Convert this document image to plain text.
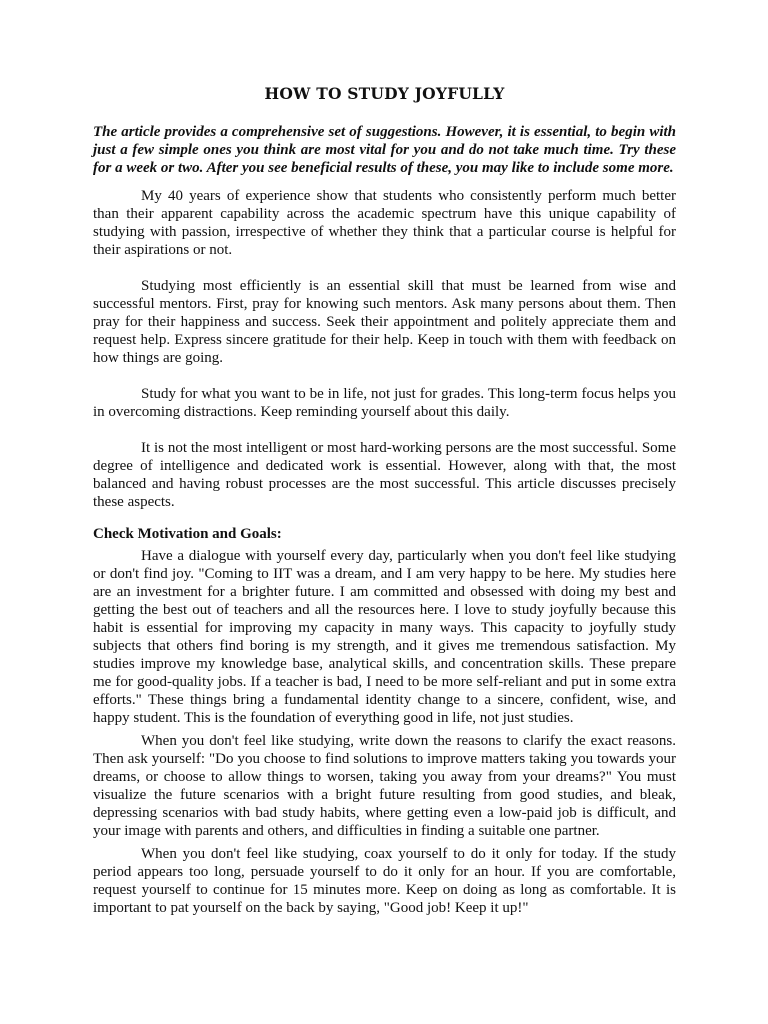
HOW TO STUDY JOYFULLY

The article provides a comprehensive set of suggestions. However, it is essential, to begin with just a few simple ones you think are most vital for you and do not take much time. Try these for a week or two. After you see beneficial results of these, you may like to include some more.

My 40 years of experience show that students who consistently perform much better than their apparent capability across the academic spectrum have this unique capability of studying with passion, irrespective of whether they think that a particular course is helpful for their aspirations or not.

Studying most efficiently is an essential skill that must be learned from wise and successful mentors. First, pray for knowing such mentors. Ask many persons about them. Then pray for their happiness and success. Seek their appointment and politely appreciate them and request help. Express sincere gratitude for their help. Keep in touch with them with feedback on how things are going.

Study for what you want to be in life, not just for grades. This long-term focus helps you in overcoming distractions. Keep reminding yourself about this daily.

It is not the most intelligent or most hard-working persons are the most successful. Some degree of intelligence and dedicated work is essential. However, along with that, the most balanced and having robust processes are the most successful. This article discusses precisely these aspects.

Check Motivation and Goals:

Have a dialogue with yourself every day, particularly when you don't feel like studying or don't find joy. "Coming to IIT was a dream, and I am very happy to be here. My studies here are an investment for a brighter future. I am committed and obsessed with doing my best and getting the best out of teachers and all the resources here. I love to study joyfully because this habit is essential for improving my capacity in many ways. This capacity to joyfully study subjects that others find boring is my strength, and it gives me tremendous satisfaction. My studies improve my knowledge base, analytical skills, and concentration skills. These prepare me for good-quality jobs. If a teacher is bad, I need to be more self-reliant and put in some extra efforts." These things bring a fundamental identity change to a sincere, confident, wise, and happy student. This is the foundation of everything good in life, not just studies.

When you don't feel like studying, write down the reasons to clarify the exact reasons. Then ask yourself: "Do you choose to find solutions to improve matters taking you towards your dreams, or choose to allow things to worsen, taking you away from your dreams?" You must visualize the future scenarios with a bright future resulting from good studies, and bleak, depressing scenarios with bad study habits, where getting even a low-paid job is difficult, and your image with parents and others, and difficulties in finding a suitable one partner.

When you don't feel like studying, coax yourself to do it only for today. If the study period appears too long, persuade yourself to do it only for an hour. If you are comfortable, request yourself to continue for 15 minutes more. Keep on doing as long as comfortable. It is important to pat yourself on the back by saying, "Good job! Keep it up!"
